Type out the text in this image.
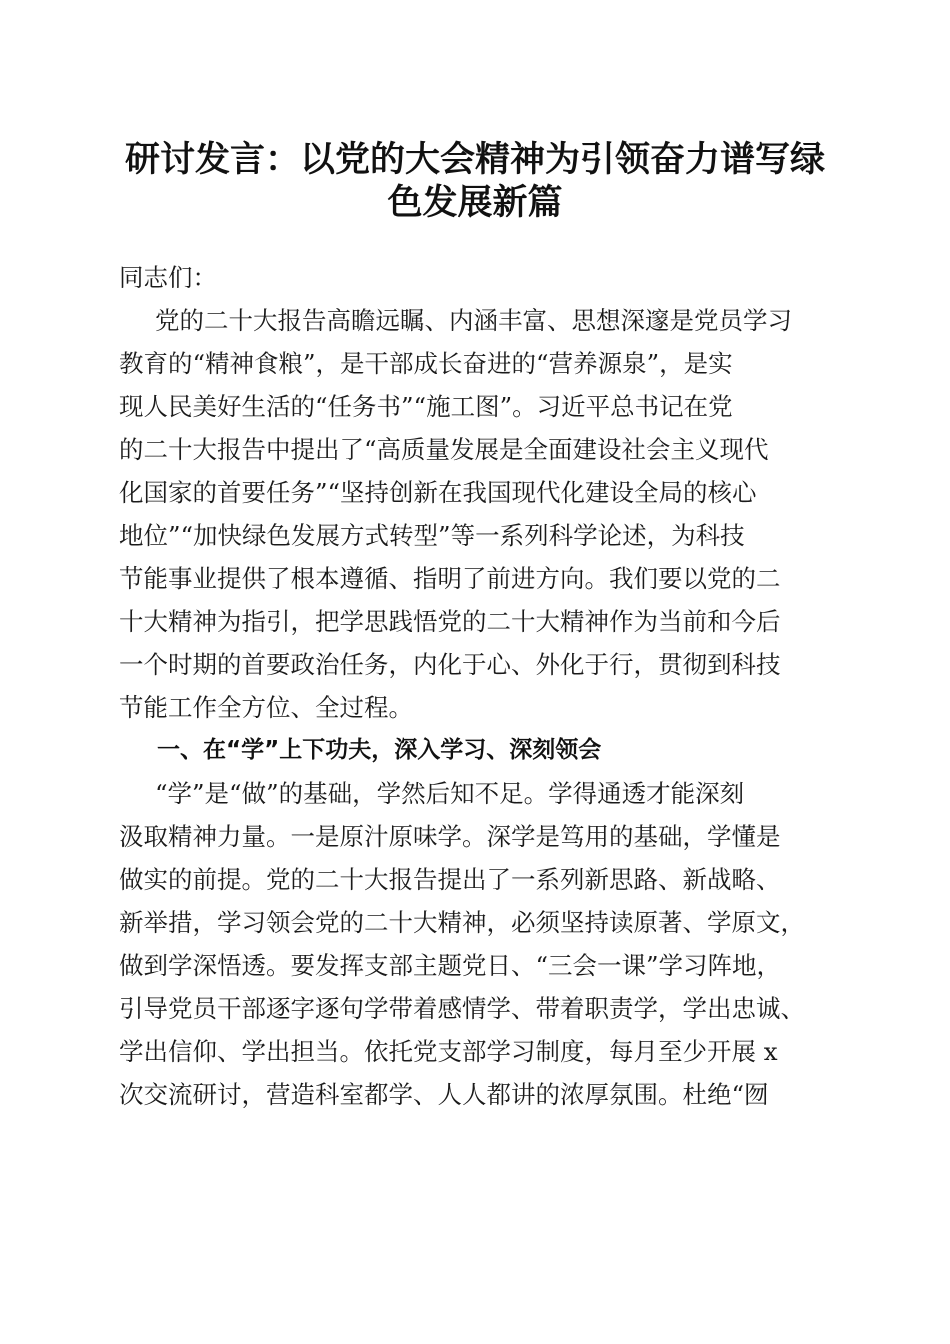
研讨发言：以党的大会精神为引领奋力谱写绿
色发展新篇
同志们：
党的二十大报告高瞻远瞩、内涵丰富、思想深邃是党员学习
教育的“精神食粮”，是干部成长奋进的“营养源泉”，是实
现人民美好生活的“任务书”“施工图”。习近平总书记在党
的二十大报告中提出了“高质量发展是全面建设社会主义现代
化国家的首要任务”“坚持创新在我国现代化建设全局的核心
地位”“加快绿色发展方式转型”等一系列科学论述，为科技
节能事业提供了根本遵循、指明了前进方向。我们要以党的二
十大精神为指引，把学思践悟党的二十大精神作为当前和今后
一个时期的首要政治任务，内化于心、外化于行，贯彻到科技
节能工作全方位、全过程。
一、在“学”上下功夫，深入学习、深刻领会
“学”是“做”的基础，学然后知不足。学得通透才能深刻
汲取精神力量。一是原汁原味学。深学是笃用的基础，学懂是
做实的前提。党的二十大报告提出了一系列新思路、新战略、
新举措，学习领会党的二十大精神，必须坚持读原著、学原文，
做到学深悟透。要发挥支部主题党日、“三会一课”学习阵地，
引导党员干部逐字逐句学带着感情学、带着职责学，学出忠诚、
学出信仰、学出担当。依托党支部学习制度，每月至少开展 x
次交流研讨，营造科室都学、人人都讲的浓厚氛围。杜绝“囫
